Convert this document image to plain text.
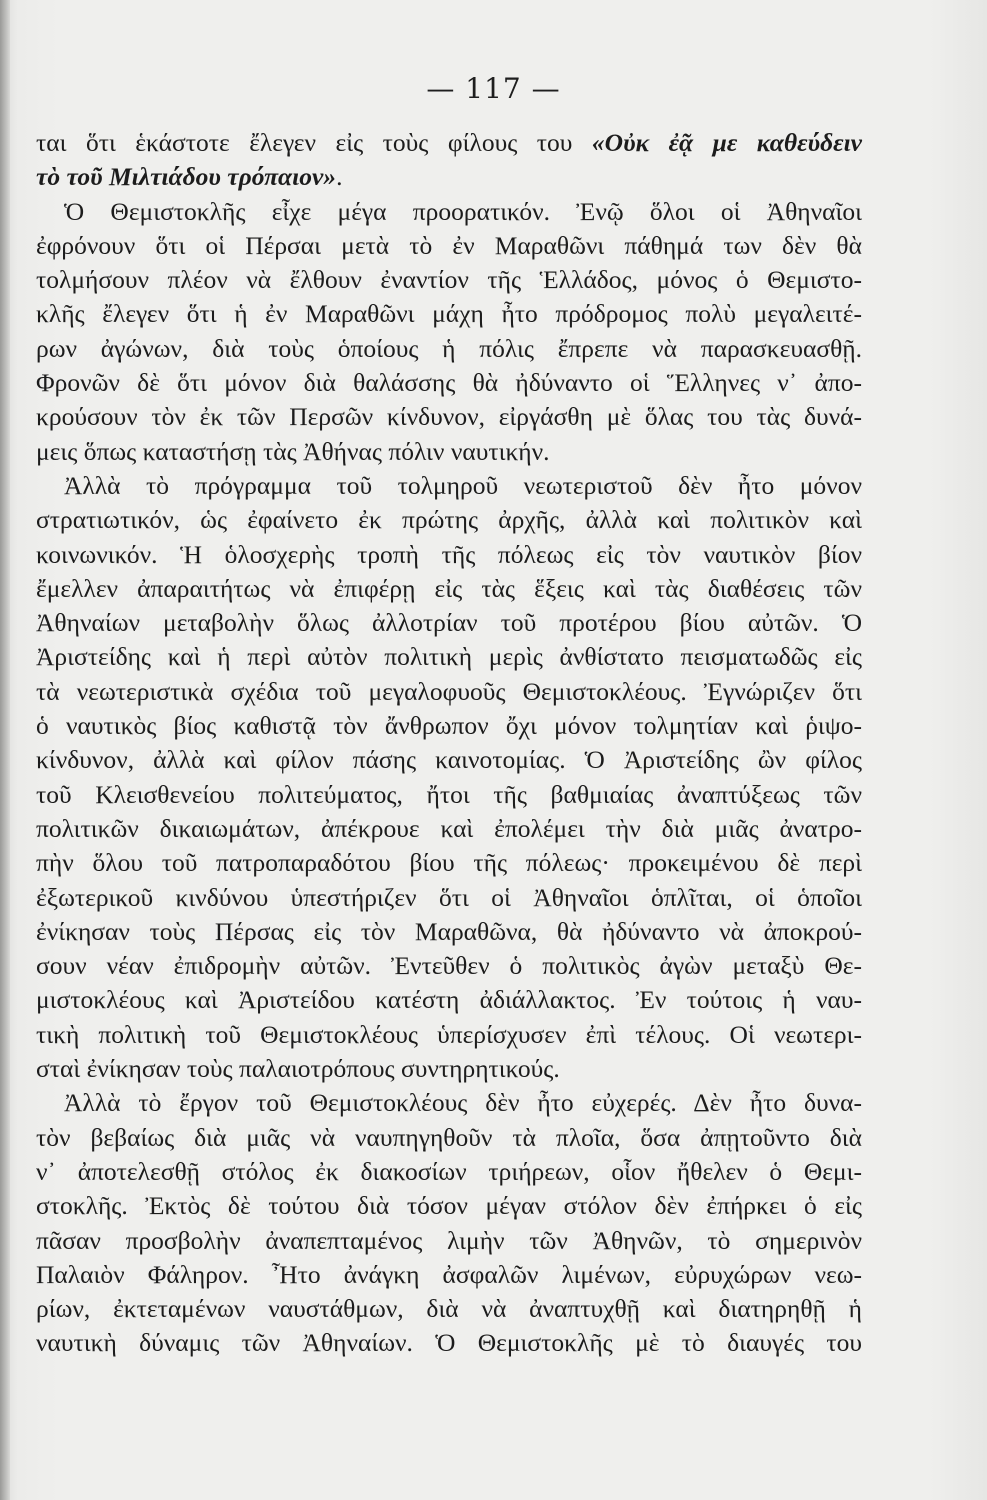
— 117 —
ται ὅτι ἑκάστοτε ἔλεγεν εἰς τοὺς φίλους του «Οὐκ ἐᾷ με καθεύδειν
τὸ τοῦ Μιλτιάδου τρόπαιον».
Ὁ Θεμιστοκλῆς εἶχε μέγα προορατικόν. Ἐνῷ ὅλοι οἱ Ἀθηναῖοι
ἐφρόνουν ὅτι οἱ Πέρσαι μετὰ τὸ ἐν Μαραθῶνι πάθημά των δὲν θὰ
τολμήσουν πλέον νὰ ἔλθουν ἐναντίον τῆς Ἑλλάδος, μόνος ὁ Θεμιστο-
κλῆς ἔλεγεν ὅτι ἡ ἐν Μαραθῶνι μάχη ἦτο πρόδρομος πολὺ μεγαλειτέ-
ρων ἀγώνων, διὰ τοὺς ὁποίους ἡ πόλις ἔπρεπε νὰ παρασκευασθῇ.
Φρονῶν δὲ ὅτι μόνον διὰ θαλάσσης θὰ ἠδύναντο οἱ Ἕλληνες ν᾽ ἀπο-
κρούσουν τὸν ἐκ τῶν Περσῶν κίνδυνον, εἰργάσθη μὲ ὅλας του τὰς δυνά-
μεις ὅπως καταστήσῃ τὰς Ἀθήνας πόλιν ναυτικήν.
Ἀλλὰ τὸ πρόγραμμα τοῦ τολμηροῦ νεωτεριστοῦ δὲν ἦτο μόνον
στρατιωτικόν, ὡς ἐφαίνετο ἐκ πρώτης ἀρχῆς, ἀλλὰ καὶ πολιτικὸν καὶ
κοινωνικόν. Ἡ ὁλοσχερὴς τροπὴ τῆς πόλεως εἰς τὸν ναυτικὸν βίον
ἔμελλεν ἀπαραιτήτως νὰ ἐπιφέρῃ εἰς τὰς ἕξεις καὶ τὰς διαθέσεις τῶν
Ἀθηναίων μεταβολὴν ὅλως ἀλλοτρίαν τοῦ προτέρου βίου αὐτῶν. Ὁ
Ἀριστείδης καὶ ἡ περὶ αὐτὸν πολιτικὴ μερὶς ἀνθίστατο πεισματωδῶς εἰς
τὰ νεωτεριστικὰ σχέδια τοῦ μεγαλοφυοῦς Θεμιστοκλέους. Ἐγνώριζεν ὅτι
ὁ ναυτικὸς βίος καθιστᾷ τὸν ἄνθρωπον ὄχι μόνον τολμητίαν καὶ ῥιψο-
κίνδυνον, ἀλλὰ καὶ φίλον πάσης καινοτομίας. Ὁ Ἀριστείδης ὢν φίλος
τοῦ Κλεισθενείου πολιτεύματος, ἤτοι τῆς βαθμιαίας ἀναπτύξεως τῶν
πολιτικῶν δικαιωμάτων, ἀπέκρουε καὶ ἐπολέμει τὴν διὰ μιᾶς ἀνατρο-
πὴν ὅλου τοῦ πατροπαραδότου βίου τῆς πόλεως· προκειμένου δὲ περὶ
ἐξωτερικοῦ κινδύνου ὑπεστήριζεν ὅτι οἱ Ἀθηναῖοι ὁπλῖται, οἱ ὁποῖοι
ἐνίκησαν τοὺς Πέρσας εἰς τὸν Μαραθῶνα, θὰ ἠδύναντο νὰ ἀποκρού-
σουν νέαν ἐπιδρομὴν αὐτῶν. Ἐντεῦθεν ὁ πολιτικὸς ἀγὼν μεταξὺ Θε-
μιστοκλέους καὶ Ἀριστείδου κατέστη ἀδιάλλακτος. Ἐν τούτοις ἡ ναυ-
τικὴ πολιτικὴ τοῦ Θεμιστοκλέους ὑπερίσχυσεν ἐπὶ τέλους. Οἱ νεωτερι-
σταὶ ἐνίκησαν τοὺς παλαιοτρόπους συντηρητικούς.
Ἀλλὰ τὸ ἔργον τοῦ Θεμιστοκλέους δὲν ἦτο εὐχερές. Δὲν ἦτο δυνα-
τὸν βεβαίως διὰ μιᾶς νὰ ναυπηγηθοῦν τὰ πλοῖα, ὅσα ἀπῃτοῦντο διὰ
ν᾽ ἀποτελεσθῇ στόλος ἐκ διακοσίων τριήρεων, οἷον ἤθελεν ὁ Θεμι-
στοκλῆς. Ἐκτὸς δὲ τούτου διὰ τόσον μέγαν στόλον δὲν ἐπήρκει ὁ εἰς
πᾶσαν προσβολὴν ἀναπεπταμένος λιμὴν τῶν Ἀθηνῶν, τὸ σημερινὸν
Παλαιὸν Φάληρον. Ἦτο ἀνάγκη ἀσφαλῶν λιμένων, εὐρυχώρων νεω-
ρίων, ἐκτεταμένων ναυστάθμων, διὰ νὰ ἀναπτυχθῇ καὶ διατηρηθῇ ἡ
ναυτικὴ δύναμις τῶν Ἀθηναίων. Ὁ Θεμιστοκλῆς μὲ τὸ διαυγές του
